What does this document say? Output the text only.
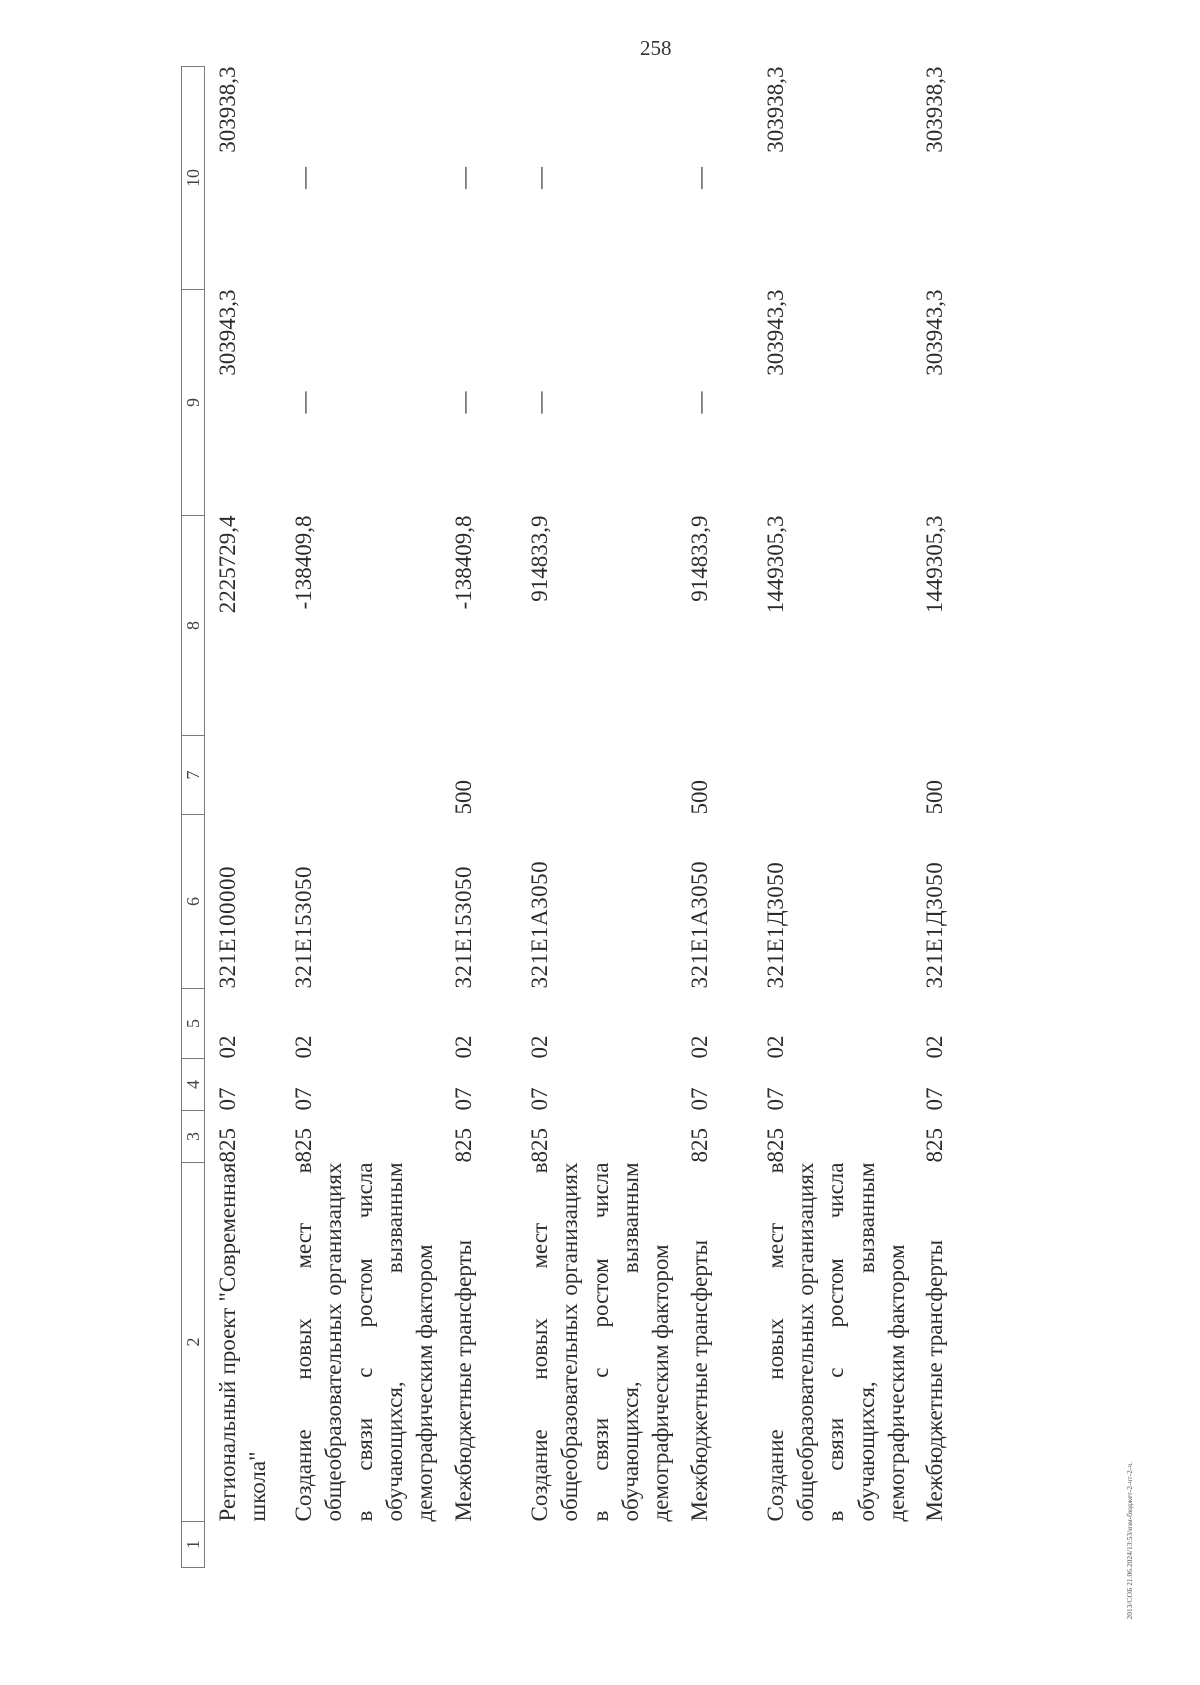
258
1	2	3	4	5	6	7	8	9	10
	Региональный проект "Современная школа"	825	07	02	321Е100000		2225729,4	303943,3	303938,3
	Создание новых мест в общеобразовательных организациях в связи с ростом числа обучающихся, вызванным демографическим фактором	825	07	02	321Е153050		-138409,8	—	—
	Межбюджетные трансферты	825	07	02	321Е153050	500	-138409,8	—	—
	Создание новых мест в общеобразовательных организациях в связи с ростом числа обучающихся, вызванным демографическим фактором	825	07	02	321Е1А3050		914833,9	—	—
	Межбюджетные трансферты	825	07	02	321Е1А3050	500	914833,9	—	—
	Создание новых мест в общеобразовательных организациях в связи с ростом числа обучающихся, вызванным демографическим фактором	825	07	02	321Е1Д3050		1449305,3	303943,3	303938,3
	Межбюджетные трансферты	825	07	02	321Е1Д3050	500	1449305,3	303943,3	303938,3
2013/СОБ 21.06.2024/13:53/изм-бюджет-2-чт-2-ч.
